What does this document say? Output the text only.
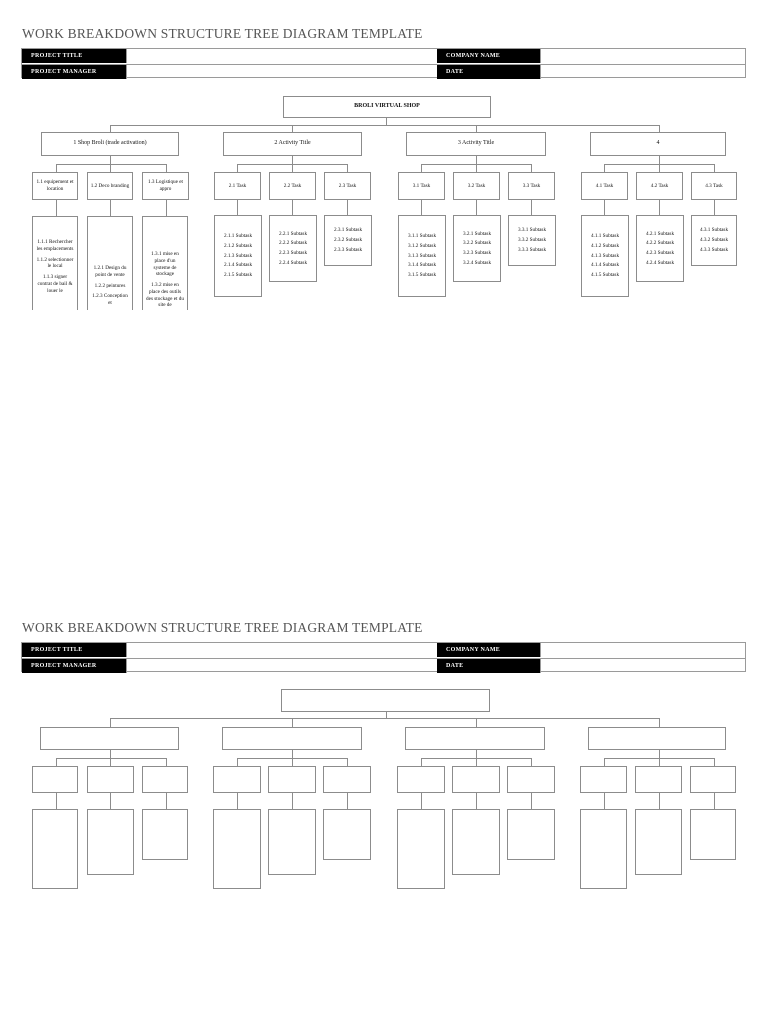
WORK BREAKDOWN STRUCTURE TREE DIAGRAM TEMPLATE
PROJECT TITLE	COMPANY NAME
PROJECT MANAGER	DATE
BROLI VIRTUAL SHOP
1 Shop Broli (trade activation)	2 Activity Title	3 Activity Title	4
1.1 equipement et location
1.2 Deco branding
1.3 Logistique et appro
2.1 Task	2.2 Task	2.3 Task	3.1 Task	3.2 Task	3.3 Task	4.1 Task	4.2 Task	4.3 Task
1.1.1 Rechercher les emplacements
1.1.2 selectionner le local
1.1.3 signer contrat de bail & louer le
1.2.1 Design du point de vente
1.2.2 peintures
1.2.3 Conception et
1.3.1 mise en place d'un systeme de stockage
1.3.2 mise en place des outils des stockage et du site de
2.1.1 Subtask
2.1.2 Subtask
2.1.3 Subtask
2.1.4 Subtask
2.1.5 Subtask
2.2.1 Subtask
2.2.2 Subtask
2.2.3 Subtask
2.2.4 Subtask
2.3.1 Subtask
2.3.2 Subtask
2.3.3 Subtask
3.1.1 Subtask
3.1.2 Subtask
3.1.3 Subtask
3.1.4 Subtask
3.1.5 Subtask
3.2.1 Subtask
3.2.2 Subtask
3.2.3 Subtask
3.2.4 Subtask
3.3.1 Subtask
3.3.2 Subtask
3.3.3 Subtask
4.1.1 Subtask
4.1.2 Subtask
4.1.3 Subtask
4.1.4 Subtask
4.1.5 Subtask
4.2.1 Subtask
4.2.2 Subtask
4.2.3 Subtask
4.2.4 Subtask
4.3.1 Subtask
4.3.2 Subtask
4.3.3 Subtask
WORK BREAKDOWN STRUCTURE TREE DIAGRAM TEMPLATE
PROJECT TITLE	COMPANY NAME
PROJECT MANAGER	DATE
